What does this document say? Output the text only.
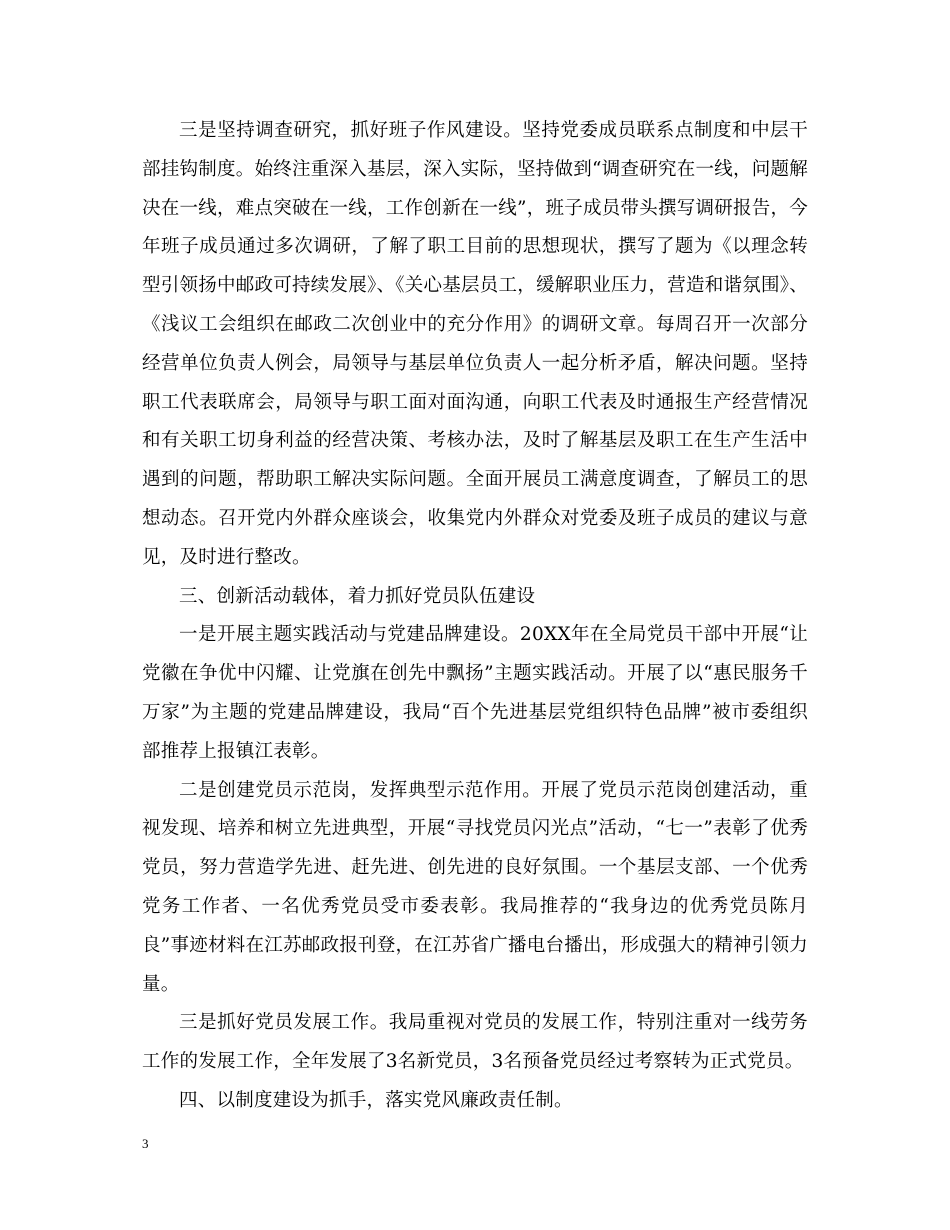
三是坚持调查研究，抓好班子作风建设。坚持党委成员联系点制度和中层干部挂钩制度。始终注重深入基层，深入实际，坚持做到“调查研究在一线，问题解决在一线，难点突破在一线，工作创新在一线”，班子成员带头撰写调研报告，今年班子成员通过多次调研，了解了职工目前的思想现状，撰写了题为《以理念转型引领扬中邮政可持续发展》、《关心基层员工，缓解职业压力，营造和谐氛围》、《浅议工会组织在邮政二次创业中的充分作用》的调研文章。每周召开一次部分经营单位负责人例会，局领导与基层单位负责人一起分析矛盾，解决问题。坚持职工代表联席会，局领导与职工面对面沟通，向职工代表及时通报生产经营情况和有关职工切身利益的经营决策、考核办法，及时了解基层及职工在生产生活中遇到的问题，帮助职工解决实际问题。全面开展员工满意度调查，了解员工的思想动态。召开党内外群众座谈会，收集党内外群众对党委及班子成员的建议与意见，及时进行整改。

三、创新活动载体，着力抓好党员队伍建设

一是开展主题实践活动与党建品牌建设。20XX年在全局党员干部中开展“让党徽在争优中闪耀、让党旗在创先中飘扬”主题实践活动。开展了以“惠民服务千万家”为主题的党建品牌建设，我局“百个先进基层党组织特色品牌”被市委组织部推荐上报镇江表彰。

二是创建党员示范岗，发挥典型示范作用。开展了党员示范岗创建活动，重视发现、培养和树立先进典型，开展“寻找党员闪光点”活动，“七一”表彰了优秀党员，努力营造学先进、赶先进、创先进的良好氛围。一个基层支部、一个优秀党务工作者、一名优秀党员受市委表彰。我局推荐的“我身边的优秀党员陈月良”事迹材料在江苏邮政报刊登，在江苏省广播电台播出，形成强大的精神引领力量。

三是抓好党员发展工作。我局重视对党员的发展工作，特别注重对一线劳务工作的发展工作，全年发展了3名新党员，3名预备党员经过考察转为正式党员。

四、以制度建设为抓手，落实党风廉政责任制。

3
